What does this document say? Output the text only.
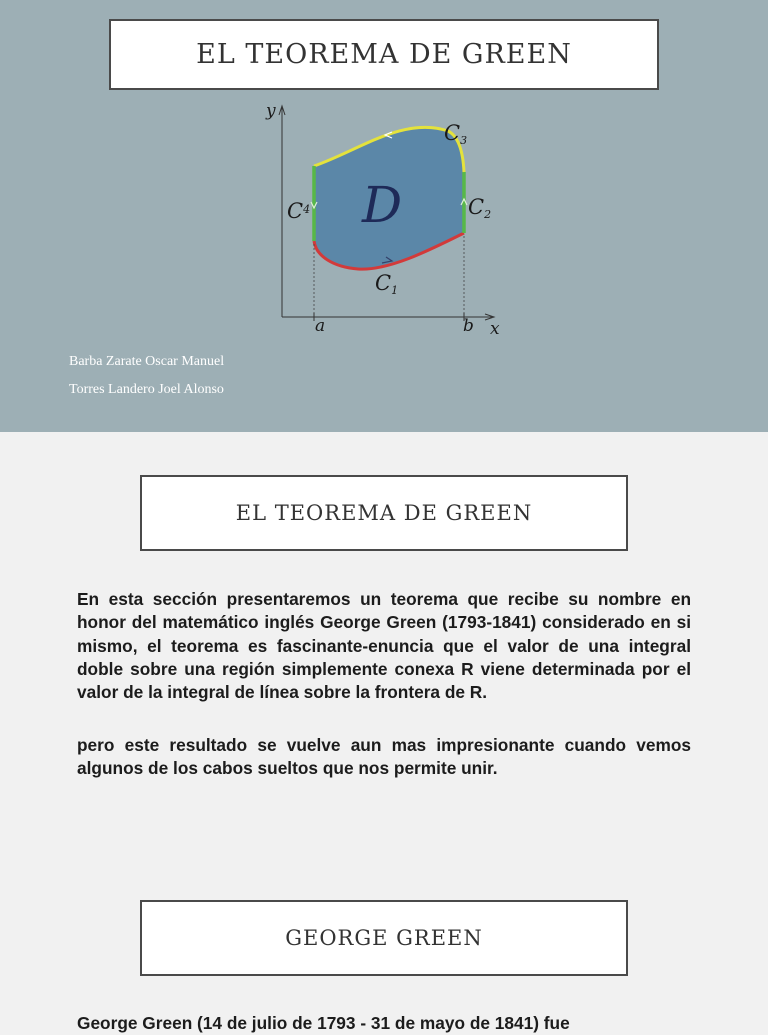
EL TEOREMA DE GREEN
y
x
a	b
D
C1
C2
C3
$C^4$
Barba Zarate Oscar Manuel
Torres Landero Joel Alonso
EL TEOREMA DE GREEN

En esta sección presentaremos un teorema que recibe su nombre en honor del matemático inglés George Green (1793-1841) considerado en si mismo, el teorema es fascinante-enuncia que el valor de una integral doble sobre una región simplemente conexa R viene determinada por el valor de la integral de línea sobre la frontera de R.

pero este resultado se vuelve aun mas impresionante cuando vemos algunos de los cabos sueltos que nos permite unir.

GEORGE GREEN

George Green (14 de julio de 1793 - 31 de mayo de 1841) fue
